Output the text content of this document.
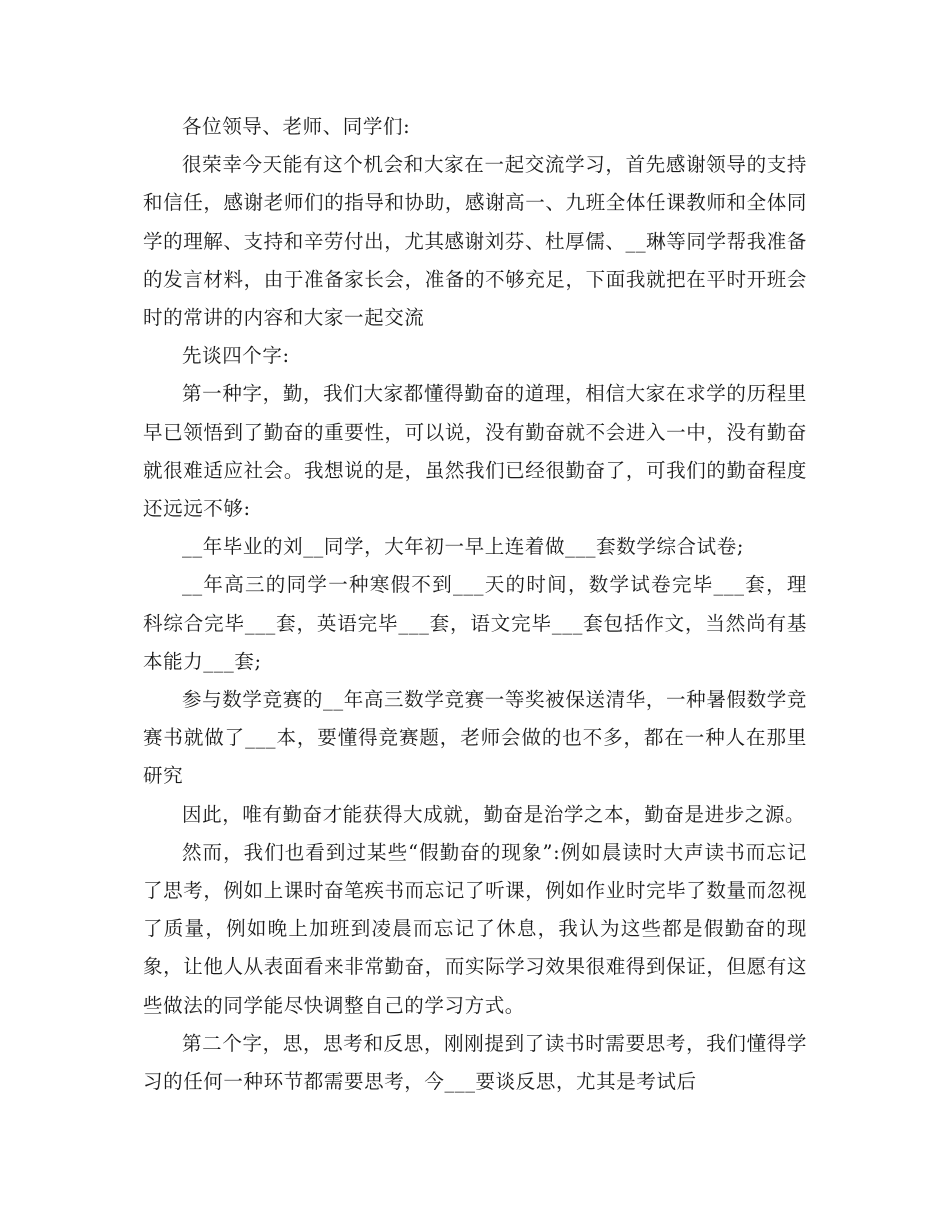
各位领导、老师、同学们:

很荣幸今天能有这个机会和大家在一起交流学习，首先感谢领导的支持和信任，感谢老师们的指导和协助，感谢高一、九班全体任课教师和全体同学的理解、支持和辛劳付出，尤其感谢刘芬、杜厚儒、__琳等同学帮我准备的发言材料，由于准备家长会，准备的不够充足，下面我就把在平时开班会时的常讲的内容和大家一起交流

先谈四个字:

第一种字，勤，我们大家都懂得勤奋的道理，相信大家在求学的历程里早已领悟到了勤奋的重要性，可以说，没有勤奋就不会进入一中，没有勤奋就很难适应社会。我想说的是，虽然我们已经很勤奋了，可我们的勤奋程度还远远不够:

__年毕业的刘__同学，大年初一早上连着做___套数学综合试卷;

__年高三的同学一种寒假不到___天的时间，数学试卷完毕___套，理科综合完毕___套，英语完毕___套，语文完毕___套包括作文，当然尚有基本能力___套;

参与数学竞赛的__年高三数学竞赛一等奖被保送清华，一种暑假数学竞赛书就做了___本，要懂得竞赛题，老师会做的也不多，都在一种人在那里研究

因此，唯有勤奋才能获得大成就，勤奋是治学之本，勤奋是进步之源。

然而，我们也看到过某些“假勤奋的现象”:例如晨读时大声读书而忘记了思考，例如上课时奋笔疾书而忘记了听课，例如作业时完毕了数量而忽视了质量，例如晚上加班到凌晨而忘记了休息，我认为这些都是假勤奋的现象，让他人从表面看来非常勤奋，而实际学习效果很难得到保证，但愿有这些做法的同学能尽快调整自己的学习方式。

第二个字，思，思考和反思，刚刚提到了读书时需要思考，我们懂得学习的任何一种环节都需要思考，今___要谈反思，尤其是考试后
